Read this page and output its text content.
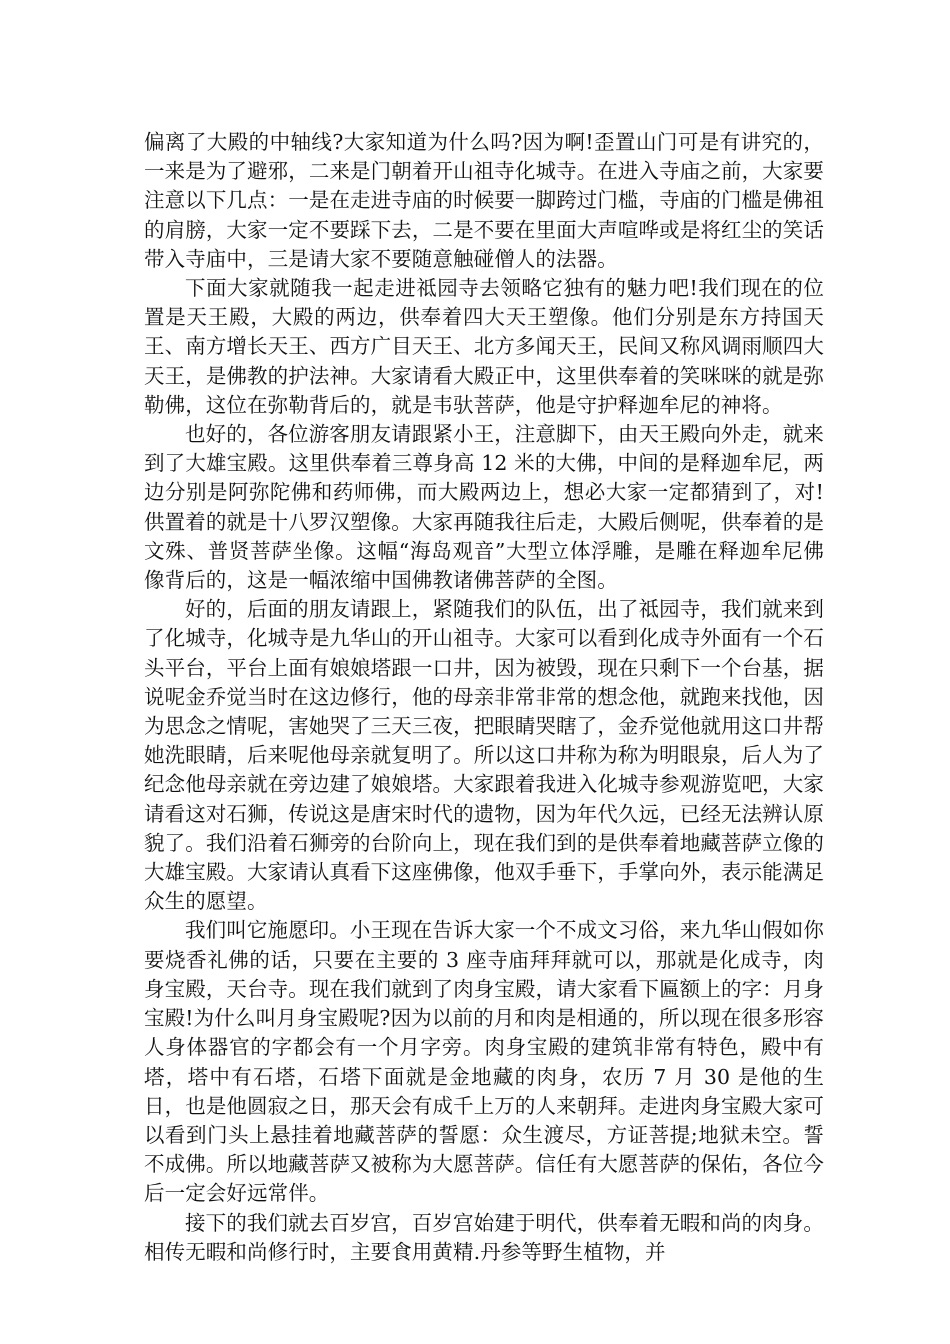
偏离了大殿的中轴线?大家知道为什么吗?因为啊!歪置山门可是有讲究的，一来是为了避邪，二来是门朝着开山祖寺化城寺。在进入寺庙之前，大家要注意以下几点：一是在走进寺庙的时候要一脚跨过门槛，寺庙的门槛是佛祖的肩膀，大家一定不要踩下去，二是不要在里面大声喧哗或是将红尘的笑话带入寺庙中，三是请大家不要随意触碰僧人的法器。

下面大家就随我一起走进祗园寺去领略它独有的魅力吧!我们现在的位置是天王殿，大殿的两边，供奉着四大天王塑像。他们分别是东方持国天王、南方增长天王、西方广目天王、北方多闻天王，民间又称风调雨顺四大天王，是佛教的护法神。大家请看大殿正中，这里供奉着的笑咪咪的就是弥勒佛，这位在弥勒背后的，就是韦驮菩萨，他是守护释迦牟尼的神将。

也好的，各位游客朋友请跟紧小王，注意脚下，由天王殿向外走，就来到了大雄宝殿。这里供奉着三尊身高 12 米的大佛，中间的是释迦牟尼，两边分别是阿弥陀佛和药师佛，而大殿两边上，想必大家一定都猜到了，对!供置着的就是十八罗汉塑像。大家再随我往后走，大殿后侧呢，供奉着的是文殊、普贤菩萨坐像。这幅“海岛观音”大型立体浮雕，是雕在释迦牟尼佛像背后的，这是一幅浓缩中国佛教诸佛菩萨的全图。

好的，后面的朋友请跟上，紧随我们的队伍，出了祗园寺，我们就来到了化城寺，化城寺是九华山的开山祖寺。大家可以看到化成寺外面有一个石头平台，平台上面有娘娘塔跟一口井，因为被毁，现在只剩下一个台基，据说呢金乔觉当时在这边修行，他的母亲非常非常的想念他，就跑来找他，因为思念之情呢，害她哭了三天三夜，把眼睛哭瞎了，金乔觉他就用这口井帮她洗眼睛，后来呢他母亲就复明了。所以这口井称为称为明眼泉，后人为了纪念他母亲就在旁边建了娘娘塔。大家跟着我进入化城寺参观游览吧，大家请看这对石狮，传说这是唐宋时代的遗物，因为年代久远，已经无法辨认原貌了。我们沿着石狮旁的台阶向上，现在我们到的是供奉着地藏菩萨立像的大雄宝殿。大家请认真看下这座佛像，他双手垂下，手掌向外，表示能满足众生的愿望。

我们叫它施愿印。小王现在告诉大家一个不成文习俗，来九华山假如你要烧香礼佛的话，只要在主要的 3 座寺庙拜拜就可以，那就是化成寺，肉身宝殿，天台寺。现在我们就到了肉身宝殿，请大家看下匾额上的字：月身宝殿!为什么叫月身宝殿呢?因为以前的月和肉是相通的，所以现在很多形容人身体器官的字都会有一个月字旁。肉身宝殿的建筑非常有特色，殿中有塔，塔中有石塔，石塔下面就是金地藏的肉身，农历 7 月 30 是他的生日，也是他圆寂之日，那天会有成千上万的人来朝拜。走进肉身宝殿大家可以看到门头上悬挂着地藏菩萨的誓愿：众生渡尽，方证菩提;地狱未空。誓不成佛。所以地藏菩萨又被称为大愿菩萨。信任有大愿菩萨的保佑，各位今后一定会好远常伴。

接下的我们就去百岁宫，百岁宫始建于明代，供奉着无暇和尚的肉身。相传无暇和尚修行时，主要食用黄精.丹参等野生植物，并
